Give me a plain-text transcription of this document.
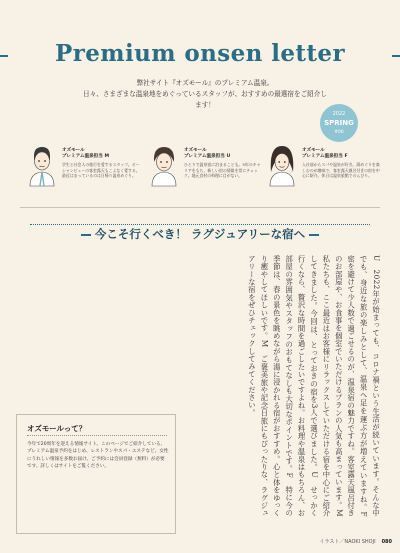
Premium onsen letter
弊社サイト『オズモール』のプレミアム温泉。
日々、さまざまな温泉地をめぐっているスタッフが、おすすめの最選宿をご紹介します！
2022
SPRING
#06
オズモール
プレミアム温泉担当 M
学生と社会人の旅行を愛するスタッフ。オーシャンビューの客室露天もこよなく愛する。最近はまっているのは日帰り温泉めぐり。
オズモール
プレミアム温泉担当 U
ひとりで温泉宿に泊まることも。5年のキャリアをもち、新しい宿の情報を常にチェック。地元食材の料理に目がない。
オズモール
プレミアム温泉担当 F
入社前からスパや温泉が好き。湯めぐりを楽しむのが趣味で、客室露天風呂付きの宿を中心に紹介。休日は温泉旅館でのんびり。
今こそ行くべき！ ラグジュアリーな宿へ

U　2022年が始まっても、コロナ禍という生活が続いています。そんな中でも、身近な旅の楽しみとして、温泉へ足を運ぶ方が増えていますね。F　密を避けて少人数で過ごせるのが、温泉宿の魅力ですね。客室露天風呂付きのお部屋や、お食事を個室でいただけるプランの人気も高まっています。M　私たちも、ここ最近はお客様にリラックスしていただける宿を中心にご紹介してきました。今回は、とっておきの宿を3人で選びました。U　せっかく行くなら、贅沢な時間を過ごしたいですよね。お料理や温泉はもちろん、お部屋の雰囲気やスタッフのおもてなしも大切なポイントです。F　特に今の季節は、春の景色を眺めながら湯に浸かれる宿がおすすめ。心と体をゆっくり癒やしてほしいです。M　ご褒美旅や記念日旅にもぴったりな、ラグジュアリーな宿をぜひチェックしてみてください。

オズモールって？
今年で20周年を迎える情報サイト。このページでご紹介している、プレミアム温泉予約をはじめ、レストランやスパ・エステなど、女性にうれしい情報を多数お届け。ご予約には会員登録（無料）が必要です。詳しくはサイトをご覧ください。
イラスト／NAOKI SHOJI 080
